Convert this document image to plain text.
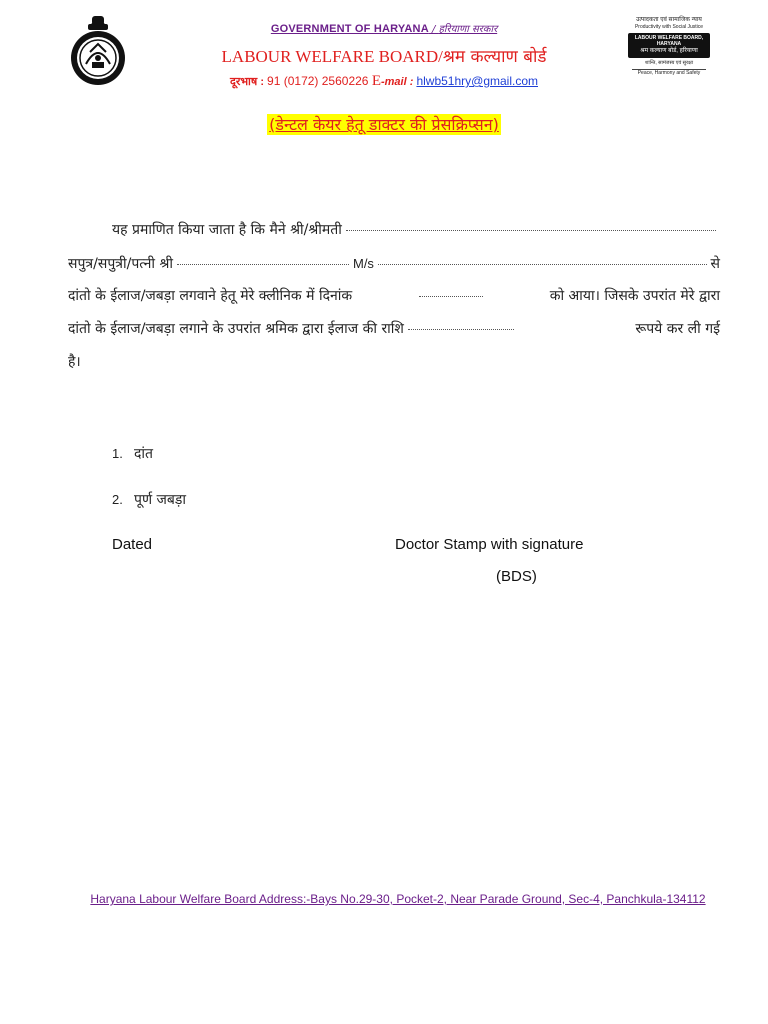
GOVERNMENT OF HARYANA / हरियाणा सरकार
LABOUR WELFARE BOARD/श्रम कल्याण बोर्ड
दूरभाष : 91 (0172) 2560226 E-mail : hlwb51hry@gmail.com
उत्पादकता एवं सामाजिक न्याय
Productivity with Social Justice
LABOUR WELFARE BOARD, HARYANA
श्रम कल्याण बोर्ड, हरियाणा
शान्ति, सामंजस्य एवं सुरक्षा
Peace, Harmony and Safety
(डेन्टल केयर हेतू डाक्टर की प्रेसक्रिप्सन)
यह प्रमाणित किया जाता है कि मैने श्री/श्रीमती
सपुत्र/सपुत्री/पत्नी श्री	M/s	से
दांतो के ईलाज/जबड़ा लगवाने हेतू मेरे क्लीनिक में दिनांक	को आया। जिसके उपरांत मेरे द्वारा
दांतो के ईलाज/जबड़ा लगाने के उपरांत श्रमिक द्वारा ईलाज की राशि	रूपये कर ली गई
है।
1. दांत
2. पूर्ण जबड़ा
Dated	Doctor Stamp with signature
(BDS)
Haryana Labour Welfare Board Address:-Bays No.29-30, Pocket-2, Near Parade Ground, Sec-4, Panchkula-134112
